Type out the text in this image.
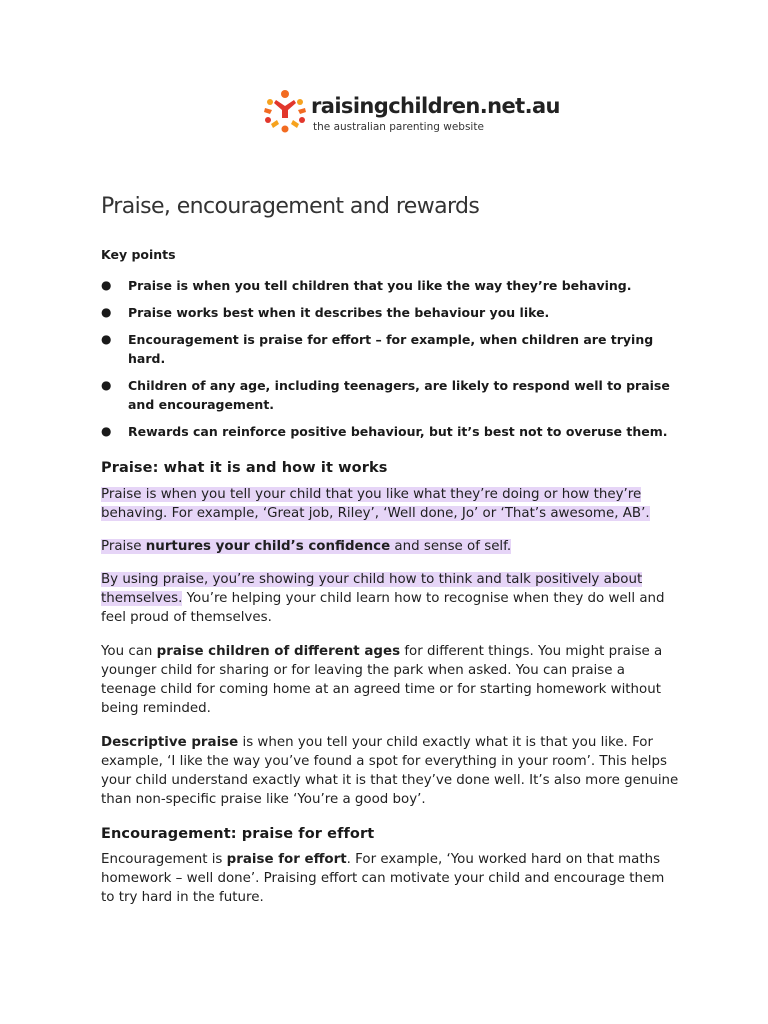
raisingchildren.net.au
the australian parenting website
Praise, encouragement and rewards
Key points
● Praise is when you tell children that you like the way they’re behaving.
● Praise works best when it describes the behaviour you like.
● Encouragement is praise for effort – for example, when children are trying hard.
● Children of any age, including teenagers, are likely to respond well to praise and encouragement.
● Rewards can reinforce positive behaviour, but it’s best not to overuse them.
Praise: what it is and how it works

Praise is when you tell your child that you like what they’re doing or how they’re behaving. For example, ‘Great job, Riley’, ‘Well done, Jo’ or ‘That’s awesome, AB’.

Praise nurtures your child’s confidence and sense of self.

By using praise, you’re showing your child how to think and talk positively about themselves. You’re helping your child learn how to recognise when they do well and feel proud of themselves.

You can praise children of different ages for different things. You might praise a younger child for sharing or for leaving the park when asked. You can praise a teenage child for coming home at an agreed time or for starting homework without being reminded.

Descriptive praise is when you tell your child exactly what it is that you like. For example, ‘I like the way you’ve found a spot for everything in your room’. This helps your child understand exactly what it is that they’ve done well. It’s also more genuine than non-specific praise like ‘You’re a good boy’.

Encouragement: praise for effort

Encouragement is praise for effort. For example, ‘You worked hard on that maths homework – well done’. Praising effort can motivate your child and encourage them to try hard in the future.
